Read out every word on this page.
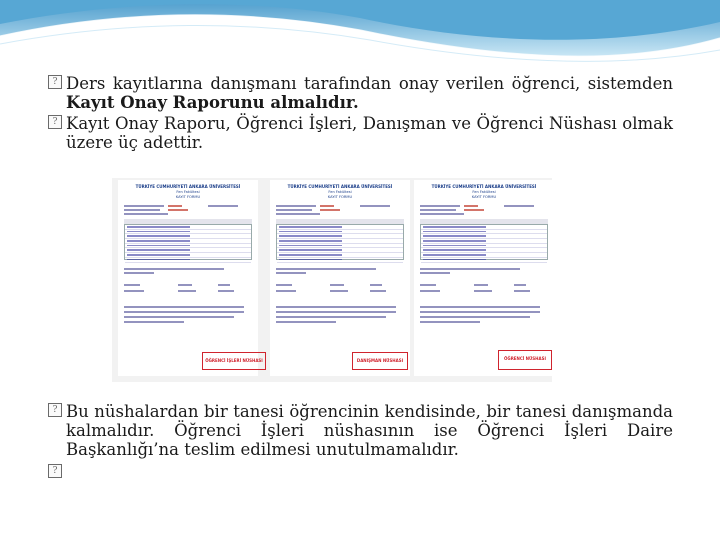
? Ders kayıtlarına danışmanı tarafından onay verilen öğrenci, sistemden Kayıt Onay Raporunu almalıdır.
? Kayıt Onay Raporu, Öğrenci İşleri, Danışman ve Öğrenci Nüshası olmak üzere üç adettir.
TÜRKİYE CUMHURİYETİ ANKARA ÜNİVERSİTESİ
Fen Fakültesi
KAYIT FORMU
ÖĞRENCİ İŞLERİ NÜSHASI
TÜRKİYE CUMHURİYETİ ANKARA ÜNİVERSİTESİ
Fen Fakültesi
KAYIT FORMU
DANIŞMAN NÜSHASI
TÜRKİYE CUMHURİYETİ ANKARA ÜNİVERSİTESİ
Fen Fakültesi
KAYIT FORMU
ÖĞRENCİ NÜSHASI
? Bu nüshalardan bir tanesi öğrencinin kendisinde, bir tanesi danışmanda kalmalıdır. Öğrenci İşleri nüshasının ise Öğrenci İşleri Daire Başkanlığı’na teslim edilmesi unutulmamalıdır.
?
